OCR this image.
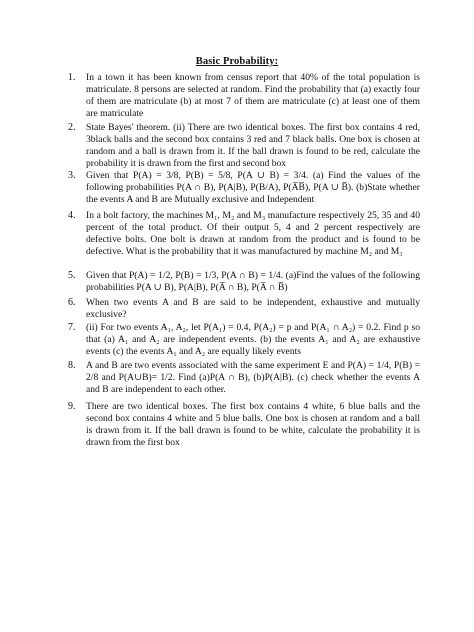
Basic Probability:
1.	In a town it has been known from census report that 40% of the total population is matriculate. 8 persons are selected at random. Find the probability that (a) exactly four of them are matriculate (b) at most 7 of them are matriculate (c) at least one of them are matriculate
2.	State Bayes' theorem. (ii) There are two identical boxes. The first box contains 4 red, 3black balls and the second box contains 3 red and 7 black balls. One box is chosen at random and a ball is drawn from it. If the ball drawn is found to be red, calculate the probability it is drawn from the first and second box
3.	Given that P(A) = 3/8, P(B) = 5/8, P(A ∪ B) = 3/4. (a) Find the values of the following probabilities P(A ∩ B), P(A|B), P(B/A), P(A̅B̅), P(A ∪ B̅). (b)State whether the events A and B are Mutually exclusive and Independent
4.	In a bolt factory, the machines M₁, M₂ and M₃ manufacture respectively 25, 35 and 40 percent of the total product. Of their output 5, 4 and 2 percent respectively are defective bolts. One bolt is drawn at random from the product and is found to be defective. What is the probability that it was manufactured by machine M₂ and M₃
5.	Given that P(A) = 1/2, P(B) = 1/3, P(A ∩ B) = 1/4. (a)Find the values of the following probabilities P(A ∪ B), P(A|B), P(A̅ ∩ B), P(A̅ ∩ B̅)
6.	When two events A and B are said to be independent, exhaustive and mutually exclusive?
7.	(ii) For two events A₁, A₂, let P(A₁) = 0.4, P(A₂) = p and P(A₁ ∩ A₂) = 0.2. Find p so that (a) A₁ and A₂ are independent events. (b) the events A₁ and A₂ are exhaustive events (c) the events A₁ and A₂ are equally likely events
8.	A and B are two events associated with the same experiment E and P(A) = 1/4, P(B) = 2/8 and P(A∪B)= 1/2. Find (a)P(A ∩ B), (b)P(A|B). (c) check whether the events A and B are independent to each other.
9.	There are two identical boxes. The first box contains 4 white, 6 blue balls and the second box contains 4 white and 5 blue balls. One box is chosen at random and a ball is drawn from it. If the ball drawn is found to be white, calculate the probability it is drawn from the first box
